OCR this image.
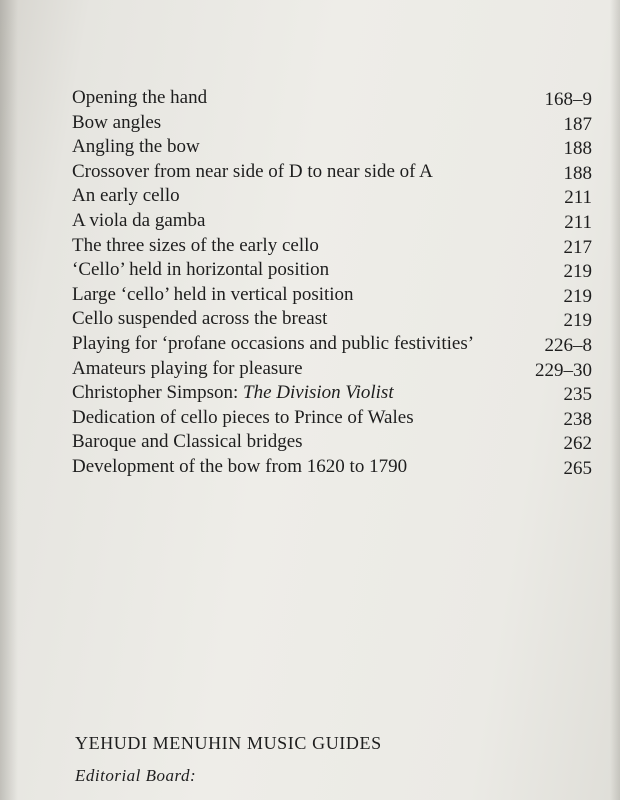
Opening the hand	168–9
Bow angles	187
Angling the bow	188
Crossover from near side of D to near side of A	188
An early cello	211
A viola da gamba	211
The three sizes of the early cello	217
‘Cello’ held in horizontal position	219
Large ‘cello’ held in vertical position	219
Cello suspended across the breast	219
Playing for ‘profane occasions and public festivities’	226–8
Amateurs playing for pleasure	229–30
Christopher Simpson: The Division Violist	235
Dedication of cello pieces to Prince of Wales	238
Baroque and Classical bridges	262
Development of the bow from 1620 to 1790	265
YEHUDI MENUHIN MUSIC GUIDES
Editorial Board:
